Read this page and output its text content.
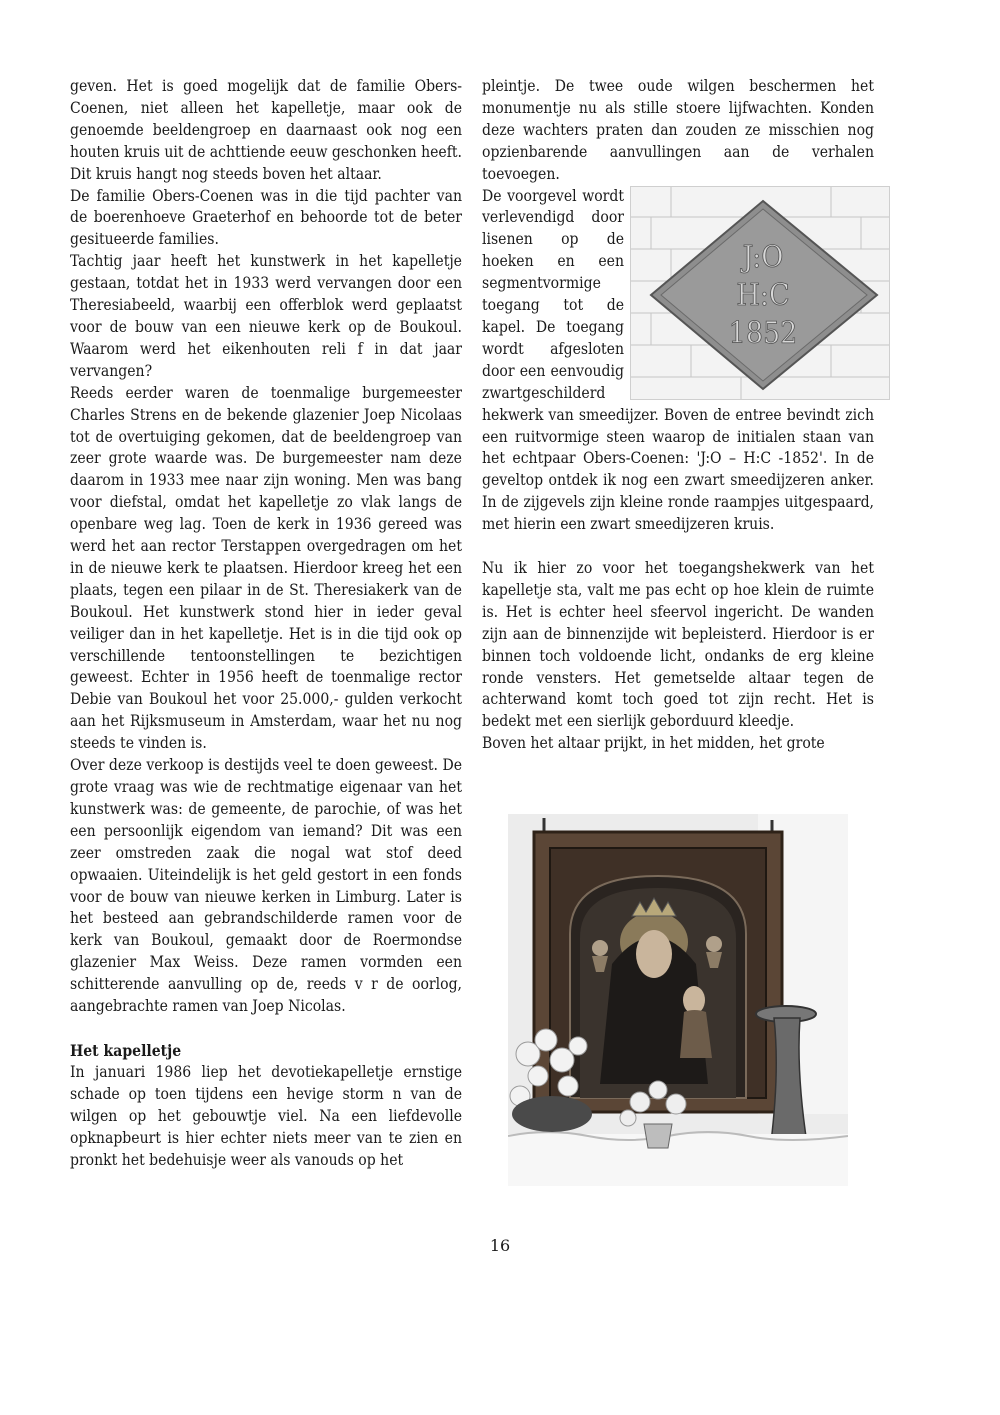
geven. Het is goed mogelijk dat de familie Obers-Coenen, niet alleen het kapelletje, maar ook de genoemde beeldengroep en daarnaast ook nog een houten kruis uit de achttiende eeuw geschonken heeft. Dit kruis hangt nog steeds boven het altaar.

De familie Obers-Coenen was in die tijd pachter van de boerenhoeve Graeterhof en behoorde tot de beter gesitueerde families.

Tachtig jaar heeft het kunstwerk in het kapelletje gestaan, totdat het in 1933 werd vervangen door een Theresiabeeld, waarbij een offerblok werd geplaatst voor de bouw van een nieuwe kerk op de Boukoul. Waarom werd het eikenhouten reli f in dat jaar vervangen?

Reeds eerder waren de toenmalige burgemeester Charles Strens en de bekende glazenier Joep Nicolaas tot de overtuiging gekomen, dat de beeldengroep van zeer grote waarde was. De burgemeester nam deze daarom in 1933 mee naar zijn woning. Men was bang voor diefstal, omdat het kapelletje zo vlak langs de openbare weg lag. Toen de kerk in 1936 gereed was werd het aan rector Terstappen overgedragen om het in de nieuwe kerk te plaatsen. Hierdoor kreeg het een plaats, tegen een pilaar in de St. Theresiakerk van de Boukoul. Het kunstwerk stond hier in ieder geval veiliger dan in het kapelletje. Het is in die tijd ook op verschillende tentoonstellingen te bezichtigen geweest. Echter in 1956 heeft de toenmalige rector Debie van Boukoul het voor 25.000,- gulden verkocht aan het Rijksmuseum in Amsterdam, waar het nu nog steeds te vinden is.

Over deze verkoop is destijds veel te doen geweest. De grote vraag was wie de rechtmatige eigenaar van het kunstwerk was: de gemeente, de parochie, of was het een persoonlijk eigendom van iemand? Dit was een zeer omstreden zaak die nogal wat stof deed opwaaien. Uiteindelijk is het geld gestort in een fonds voor de bouw van nieuwe kerken in Limburg. Later is het besteed aan gebrandschilderde ramen voor de kerk van Boukoul, gemaakt door de Roermondse glazenier Max Weiss. Deze ramen vormden een schitterende aanvulling op de, reeds v r de oorlog, aangebrachte ramen van Joep Nicolas.

Het kapelletje

In januari 1986 liep het devotiekapelletje ernstige schade op toen tijdens een hevige storm n van de wilgen op het gebouwtje viel. Na een liefdevolle opknapbeurt is hier echter niets meer van te zien en pronkt het bedehuisje weer als vanouds op het

pleintje. De twee oude wilgen beschermen het monumentje nu als stille stoere lijfwachten. Konden deze wachters praten dan zouden ze misschien nog opzienbarende aanvullingen aan de verhalen toevoegen.

J:O
H:C
1852

De voorgevel wordt verlevendigd door lisenen op de hoeken en een segmentvormige toegang tot de kapel. De toegang wordt afgesloten door een eenvoudig zwartgeschilderd hekwerk van smeedijzer. Boven de entree bevindt zich een ruitvormige steen waarop de initialen staan van het echtpaar Obers-Coenen: 'J:O – H:C -1852'. In de geveltop ontdek ik nog een zwart smeedijzeren anker. In de zijgevels zijn kleine ronde raampjes uitgespaard, met hierin een zwart smeedijzeren kruis.

Nu ik hier zo voor het toegangshekwerk van het kapelletje sta, valt me pas echt op hoe klein de ruimte is. Het is echter heel sfeervol ingericht. De wanden zijn aan de binnenzijde wit bepleisterd. Hierdoor is er binnen toch voldoende licht, ondanks de erg kleine ronde vensters. Het gemetselde altaar tegen de achterwand komt toch goed tot zijn recht. Het is bedekt met een sierlijk geborduurd kleedje.

Boven het altaar prijkt, in het midden, het grote

16
